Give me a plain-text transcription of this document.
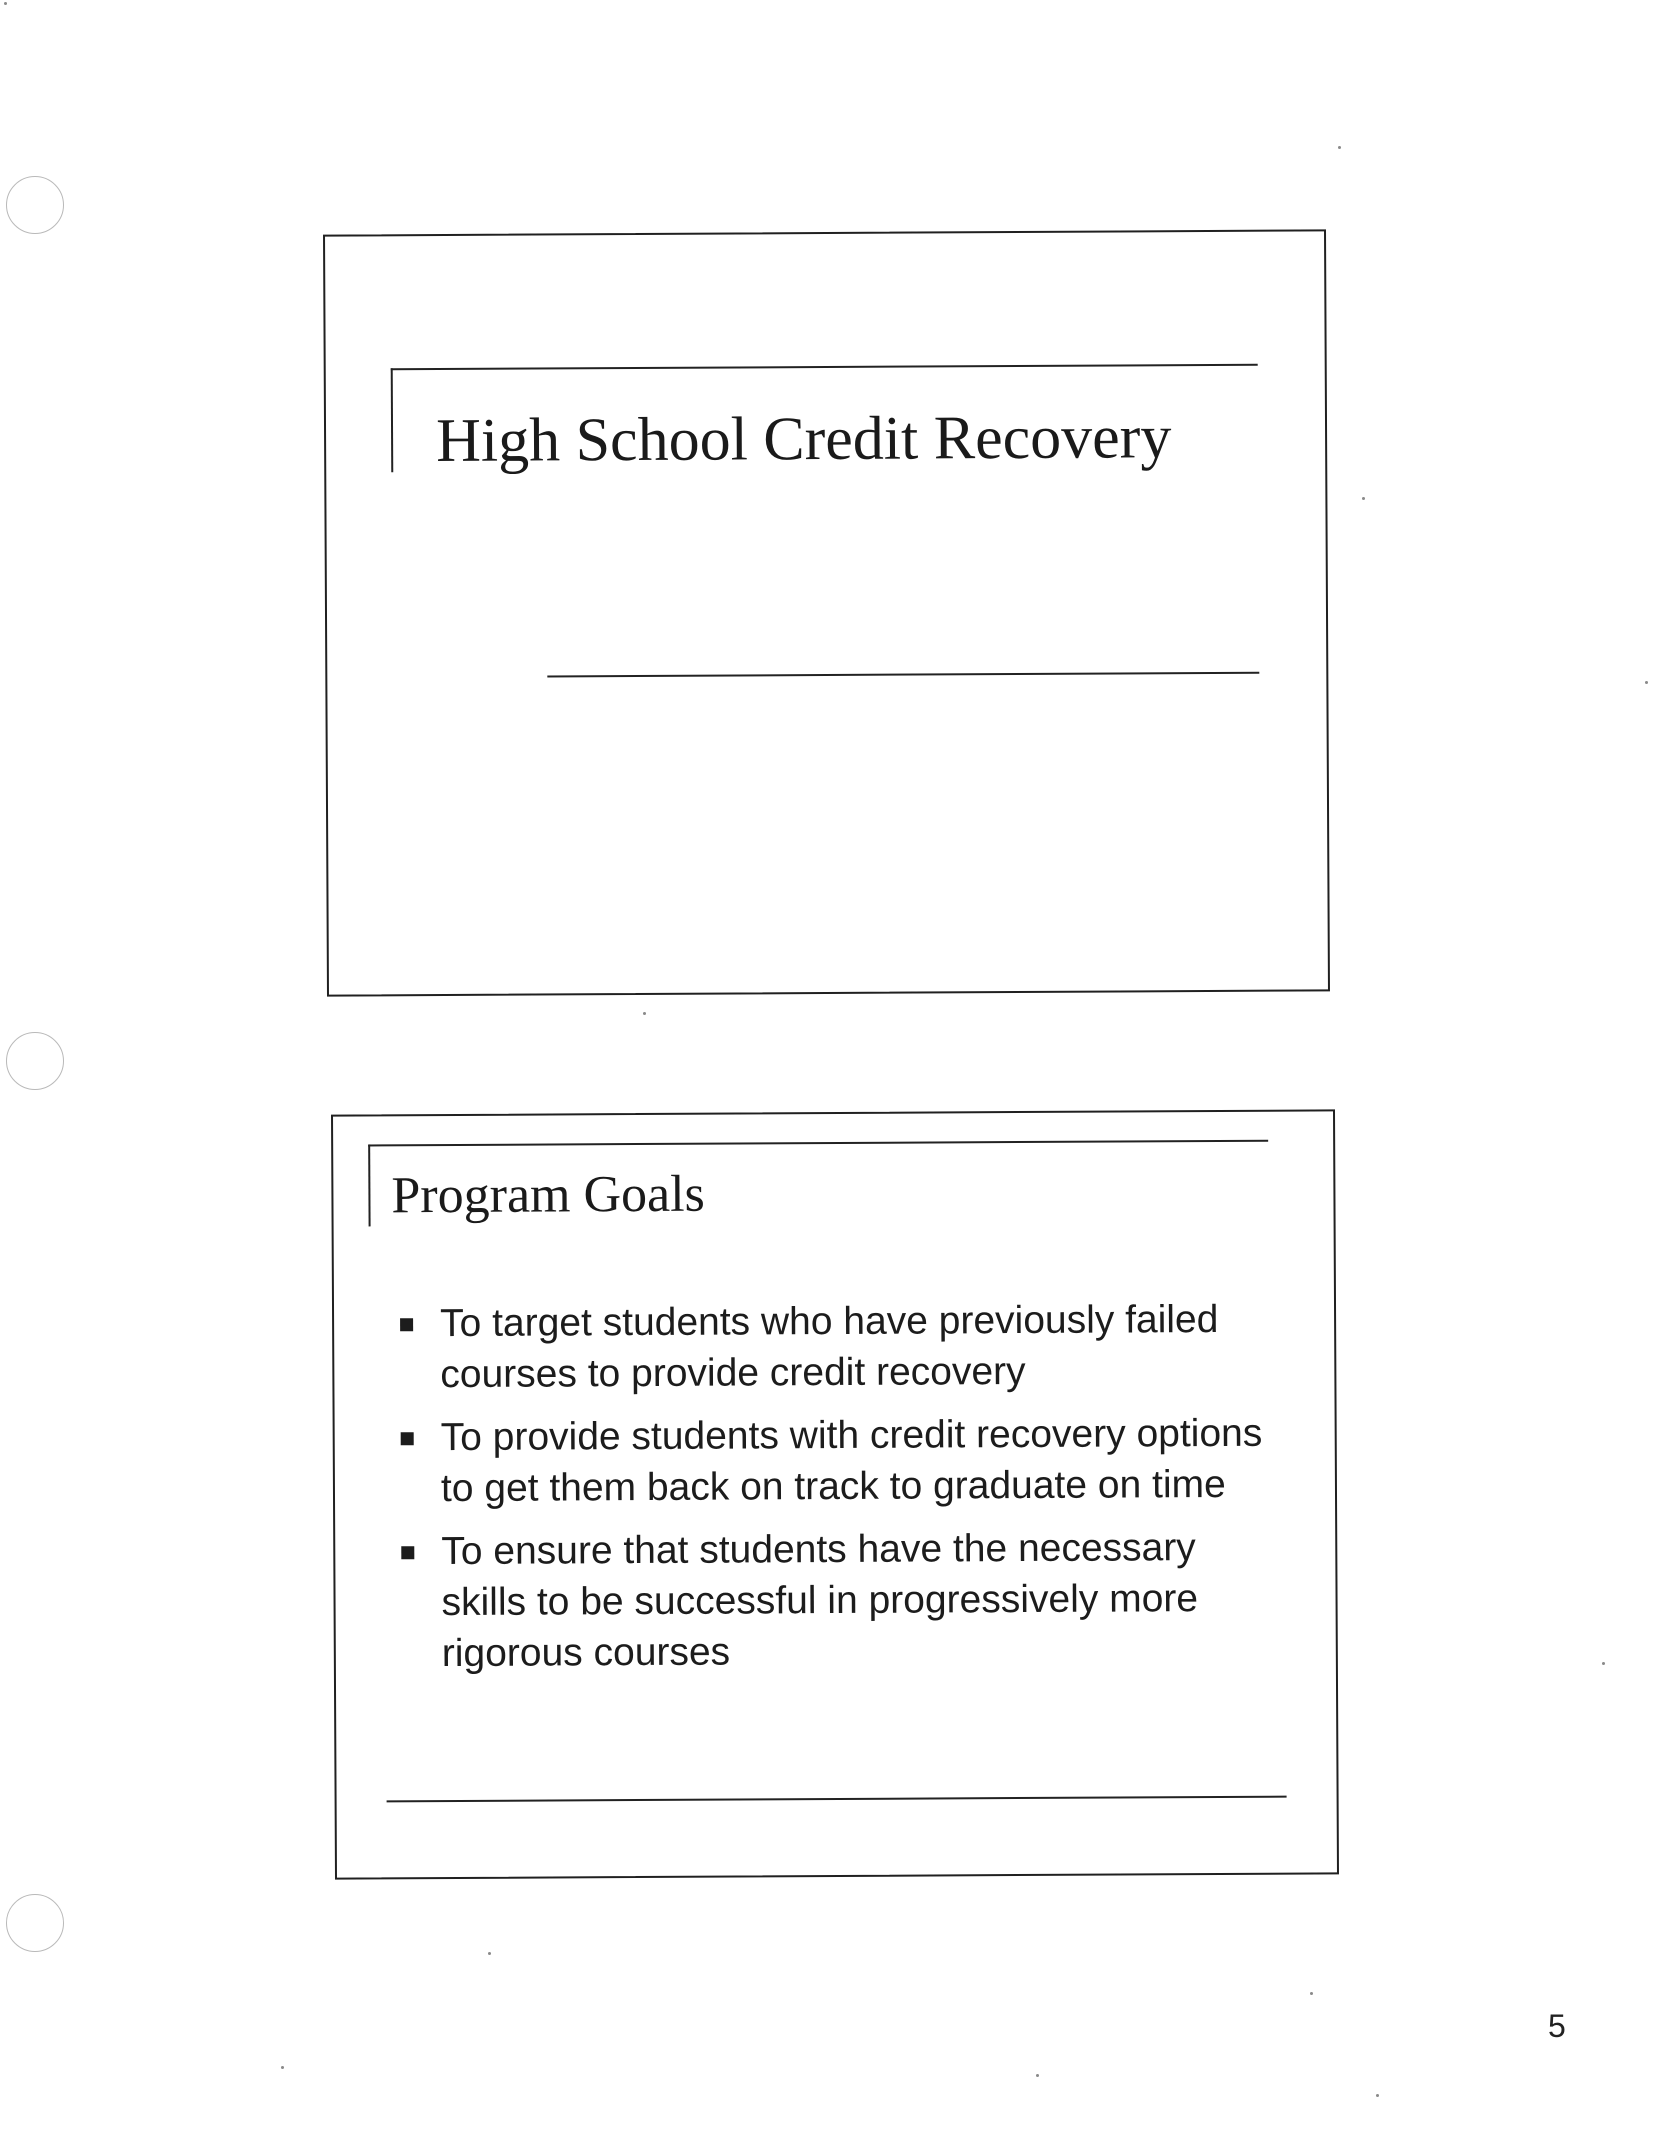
High School Credit Recovery
Program Goals
To target students who have previously failed courses to provide credit recovery
To provide students with credit recovery options to get them back on track to graduate on time
To ensure that students have the necessary skills to be successful in progressively more rigorous courses
5
